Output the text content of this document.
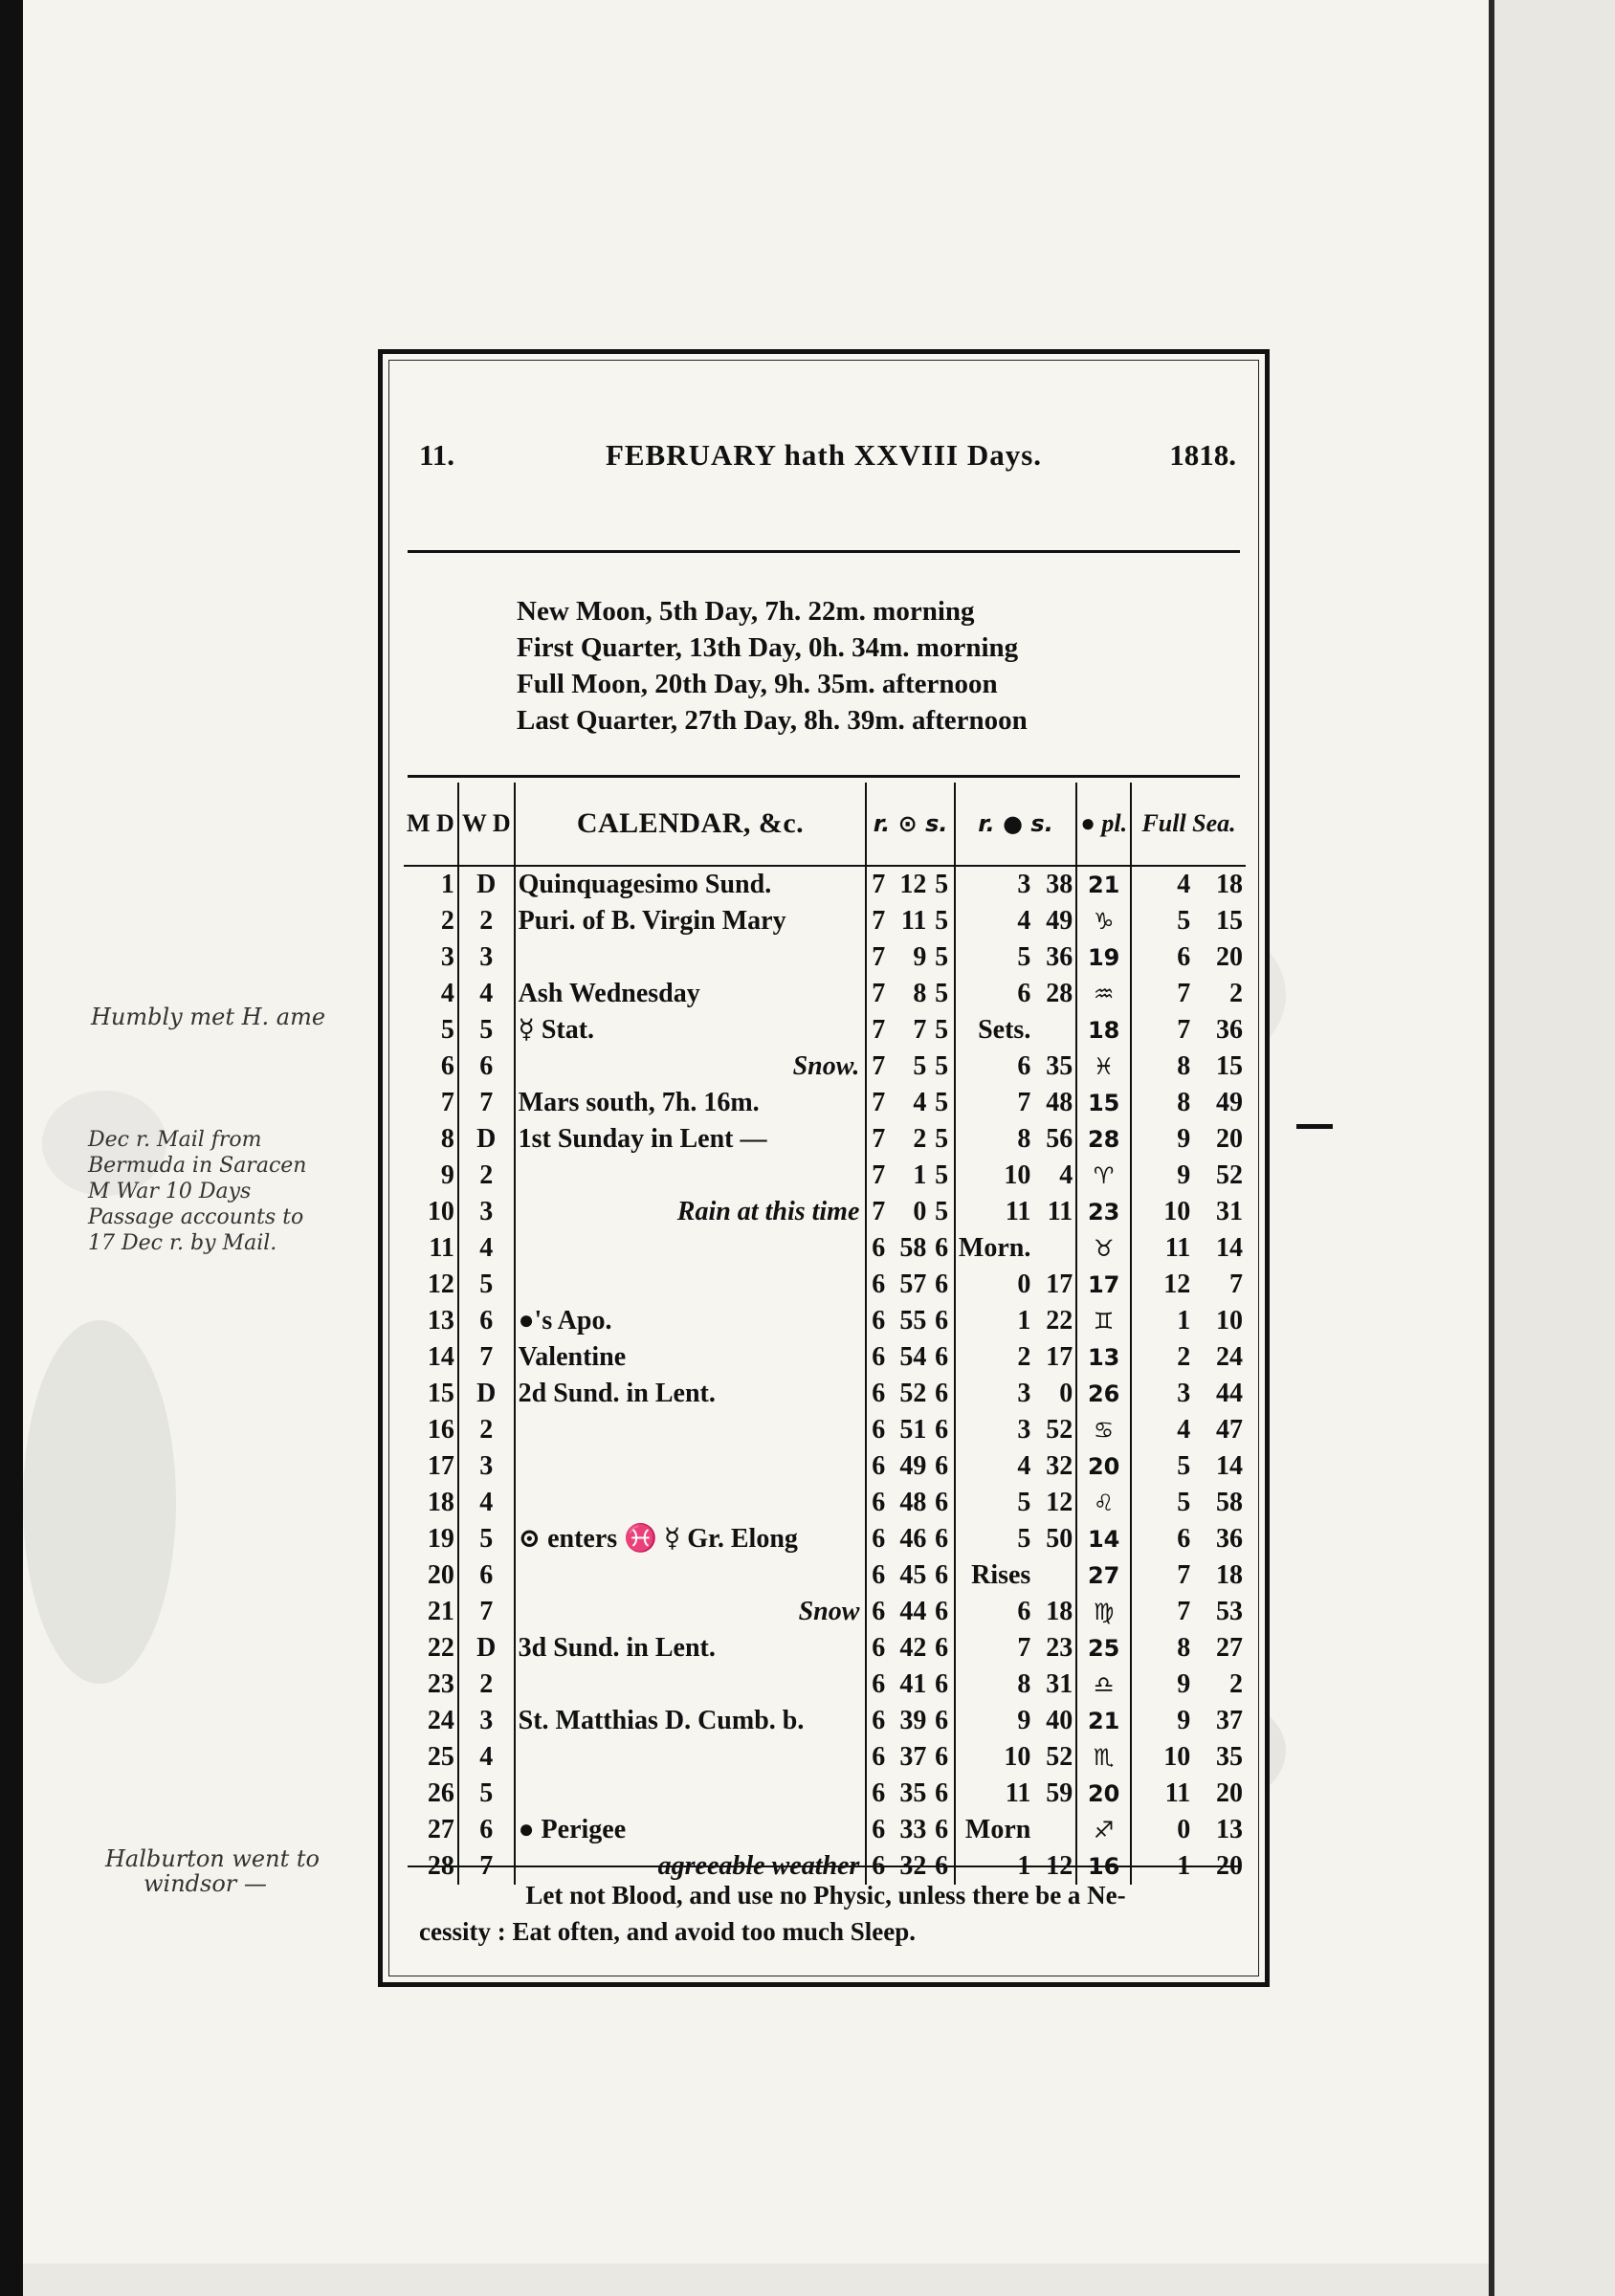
11.	FEBRUARY hath XXVIII Days.	1818.
New Moon, 5th Day, 7h. 22m. morning
First Quarter, 13th Day, 0h. 34m. morning
Full Moon, 20th Day, 9h. 35m. afternoon
Last Quarter, 27th Day, 8h. 39m. afternoon
M D	W D	CALENDAR, &c.	r. ⊙ s.			r. ● s.		● pl.	Full Sea.	
1	D	Quinquagesimo Sund.	7	12	5	3	38	21	4	18
2	2	Puri. of B. Virgin Mary	7	11	5	4	49	♑	5	15
3	3		7	9	5	5	36	19	6	20
4	4	Ash Wednesday	7	8	5	6	28	♒	7	2
5	5	☿ Stat.	7	7	5	Sets.		18	7	36
6	6	Snow.	7	5	5	6	35	♓	8	15
7	7	Mars south, 7h. 16m.	7	4	5	7	48	15	8	49
8	D	1st Sunday in Lent —	7	2	5	8	56	28	9	20
9	2		7	1	5	10	4	♈	9	52
10	3	Rain at this time	7	0	5	11	11	23	10	31
11	4		6	58	6	Morn.		♉	11	14
12	5		6	57	6	0	17	17	12	7
13	6	●'s Apo.	6	55	6	1	22	♊	1	10
14	7	Valentine	6	54	6	2	17	13	2	24
15	D	2d Sund. in Lent.	6	52	6	3	0	26	3	44
16	2		6	51	6	3	52	♋	4	47
17	3		6	49	6	4	32	20	5	14
18	4		6	48	6	5	12	♌	5	58
19	5	⊙ enters ♓ ☿ Gr. Elong	6	46	6	5	50	14	6	36
20	6		6	45	6	Rises		27	7	18
21	7	Snow	6	44	6	6	18	♍	7	53
22	D	3d Sund. in Lent.	6	42	6	7	23	25	8	27
23	2		6	41	6	8	31	♎	9	2
24	3	St. Matthias D. Cumb. b.	6	39	6	9	40	21	9	37
25	4		6	37	6	10	52	♏	10	35
26	5		6	35	6	11	59	20	11	20
27	6	● Perigee	6	33	6	Morn		♐	0	13
28	7	agreeable weather	6	32	6	1	12	16	1	20
Let not Blood, and use no Physic, unless there be a Ne-
cessity : Eat often, and avoid too much Sleep.
Humbly met H. ame
Dec r. Mail from
Bermuda in Saracen
M War 10 Days
Passage accounts to
17 Dec r. by Mail.
Halburton went to
windsor —
